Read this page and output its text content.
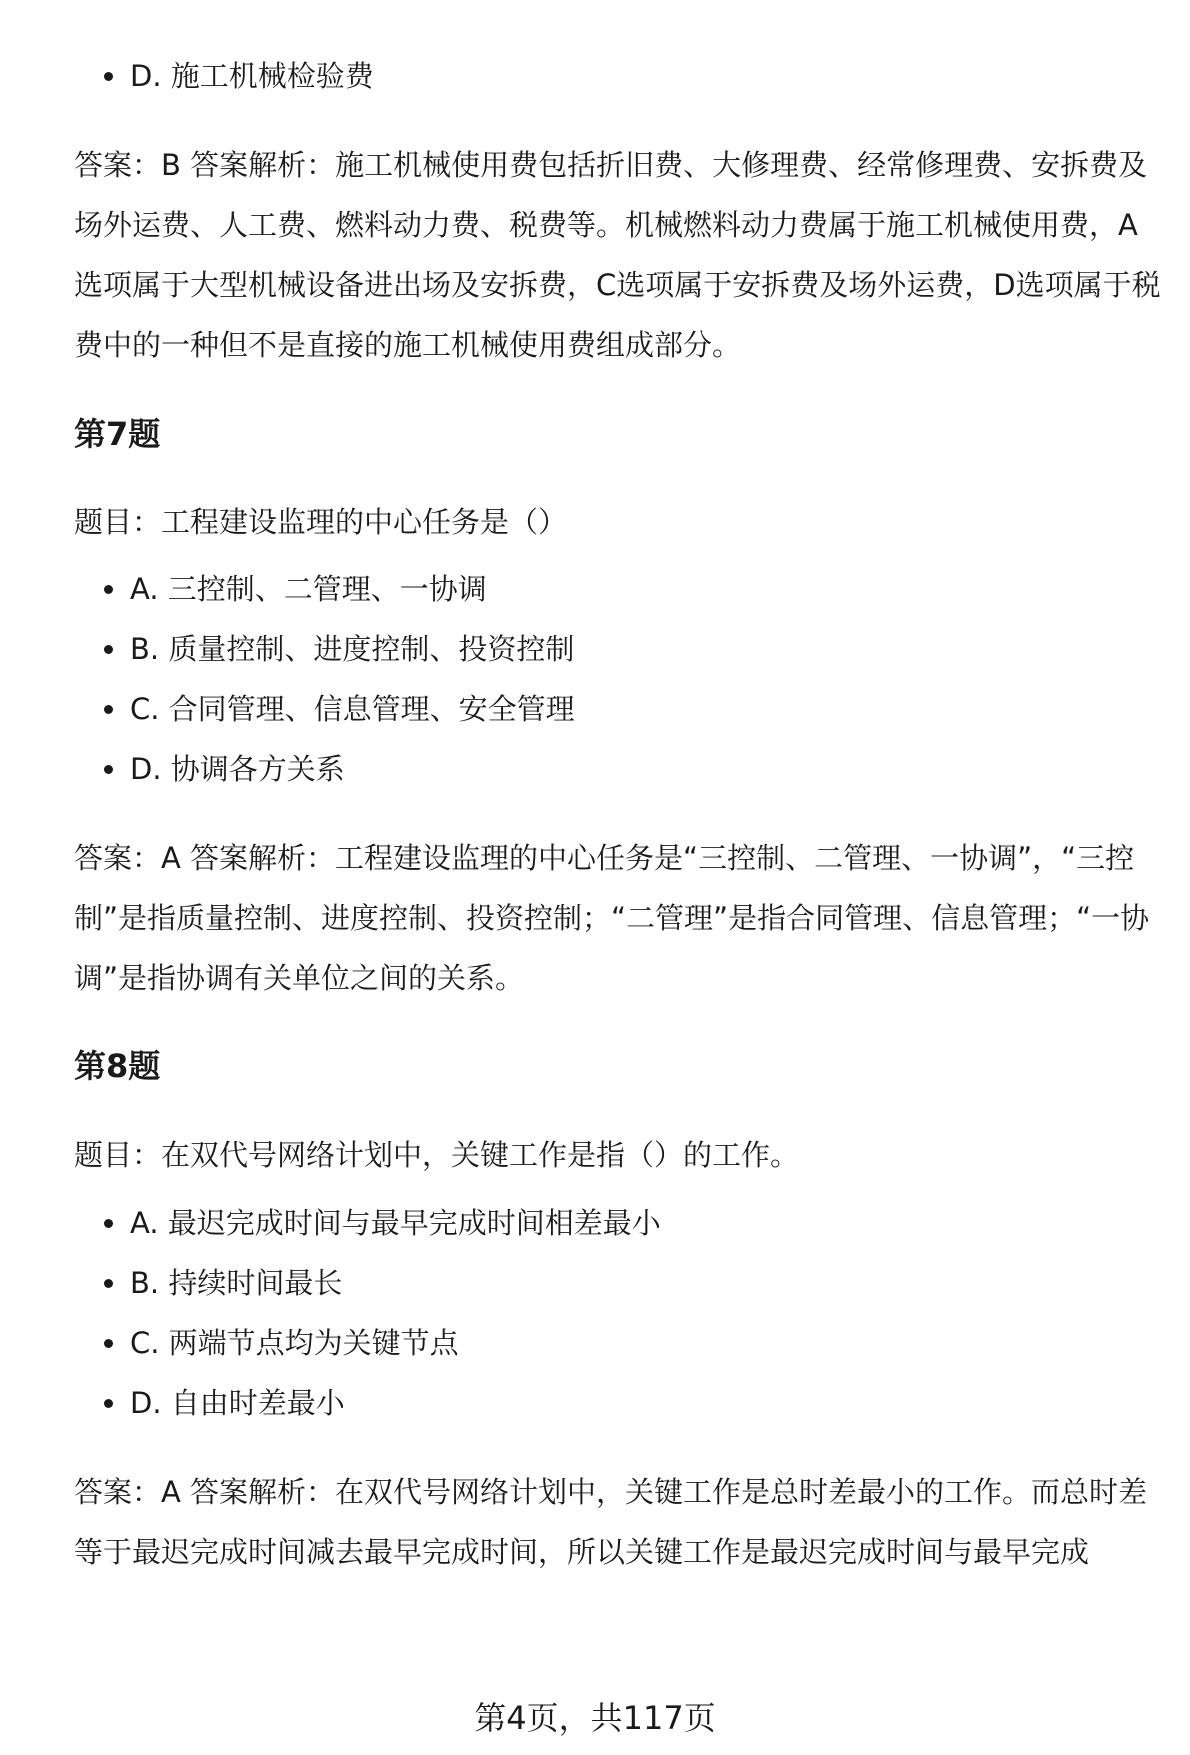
D. 施工机械检验费

答案：B 答案解析：施工机械使用费包括折旧费、大修理费、经常修理费、安拆费及场外运费、人工费、燃料动力费、税费等。机械燃料动力费属于施工机械使用费，A选项属于大型机械设备进出场及安拆费，C选项属于安拆费及场外运费，D选项属于税费中的一种但不是直接的施工机械使用费组成部分。

第7题

题目：工程建设监理的中心任务是（）

A. 三控制、二管理、一协调
B. 质量控制、进度控制、投资控制
C. 合同管理、信息管理、安全管理
D. 协调各方关系

答案：A 答案解析：工程建设监理的中心任务是“三控制、二管理、一协调”，“三控制”是指质量控制、进度控制、投资控制；“二管理”是指合同管理、信息管理；“一协调”是指协调有关单位之间的关系。

第8题

题目：在双代号网络计划中，关键工作是指（）的工作。

A. 最迟完成时间与最早完成时间相差最小
B. 持续时间最长
C. 两端节点均为关键节点
D. 自由时差最小

答案：A 答案解析：在双代号网络计划中，关键工作是总时差最小的工作。而总时差等于最迟完成时间减去最早完成时间，所以关键工作是最迟完成时间与最早完成

第4页，共117页
